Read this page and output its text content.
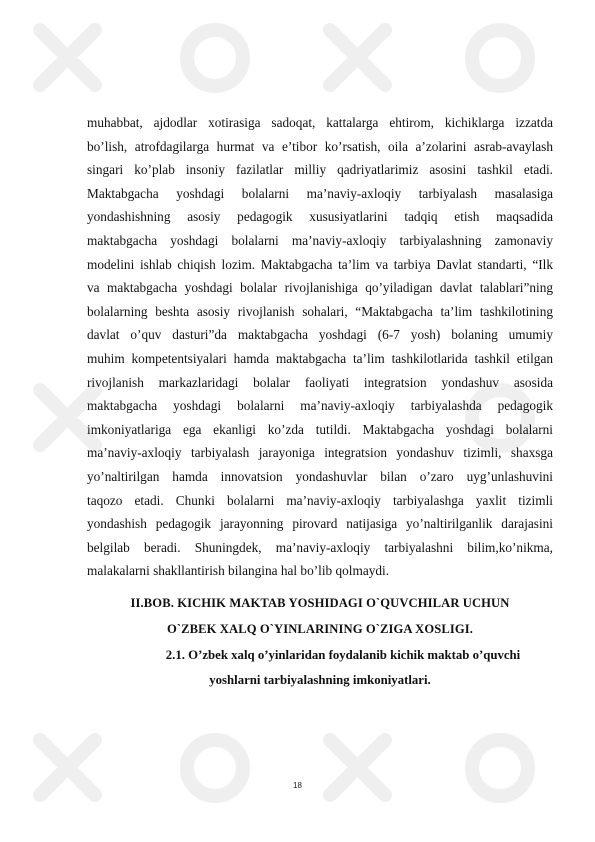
muhabbat, ajdodlar xotirasiga sadoqat, kattalarga ehtirom, kichiklarga izzatda
bo’lish, atrofdagilarga hurmat va e’tibor ko’rsatish, oila a’zolarini asrab-avaylash
singari ko’plab insoniy fazilatlar milliy qadriyatlarimiz asosini tashkil etadi.
Maktabgacha yoshdagi bolalarni ma’naviy-axloqiy tarbiyalash masalasiga
yondashishning asosiy pedagogik xususiyatlarini tadqiq etish maqsadida
maktabgacha yoshdagi bolalarni ma’naviy-axloqiy tarbiyalashning zamonaviy
modelini ishlab chiqish lozim. Maktabgacha ta’lim va tarbiya Davlat standarti, “Ilk
va maktabgacha yoshdagi bolalar rivojlanishiga qo’yiladigan davlat talablari”ning
bolalarning beshta asosiy rivojlanish sohalari, “Maktabgacha ta’lim tashkilotining
davlat o’quv dasturi”da maktabgacha yoshdagi (6-7 yosh) bolaning umumiy
muhim kompetentsiyalari hamda maktabgacha ta’lim tashkilotlarida tashkil etilgan
rivojlanish markazlaridagi bolalar faoliyati integratsion yondashuv asosida
maktabgacha yoshdagi bolalarni ma’naviy-axloqiy tarbiyalashda pedagogik
imkoniyatlariga ega ekanligi ko’zda tutildi. Maktabgacha yoshdagi bolalarni
ma’naviy-axloqiy tarbiyalash jarayoniga integratsion yondashuv tizimli, shaxsga
yo’naltirilgan hamda innovatsion yondashuvlar bilan o’zaro uyg’unlashuvini
taqozo etadi. Chunki bolalarni ma’naviy-axloqiy tarbiyalashga yaxlit tizimli
yondashish pedagogik jarayonning pirovard natijasiga yo’naltirilganlik darajasini
belgilab beradi. Shuningdek, ma’naviy-axloqiy tarbiyalashni bilim,ko’nikma,
malakalarni shakllantirish bilangina hal bo’lib qolmaydi.
II.BOB. KICHIK MAKTAB YOSHIDAGI O`QUVCHILAR UCHUN
O`ZBEK XALQ O`YINLARINING O`ZIGA XOSLIGI.
2.1. O’zbek xalq o’yinlaridan foydalanib kichik maktab o’quvchi
yoshlarni tarbiyalashning imkoniyatlari.
18
